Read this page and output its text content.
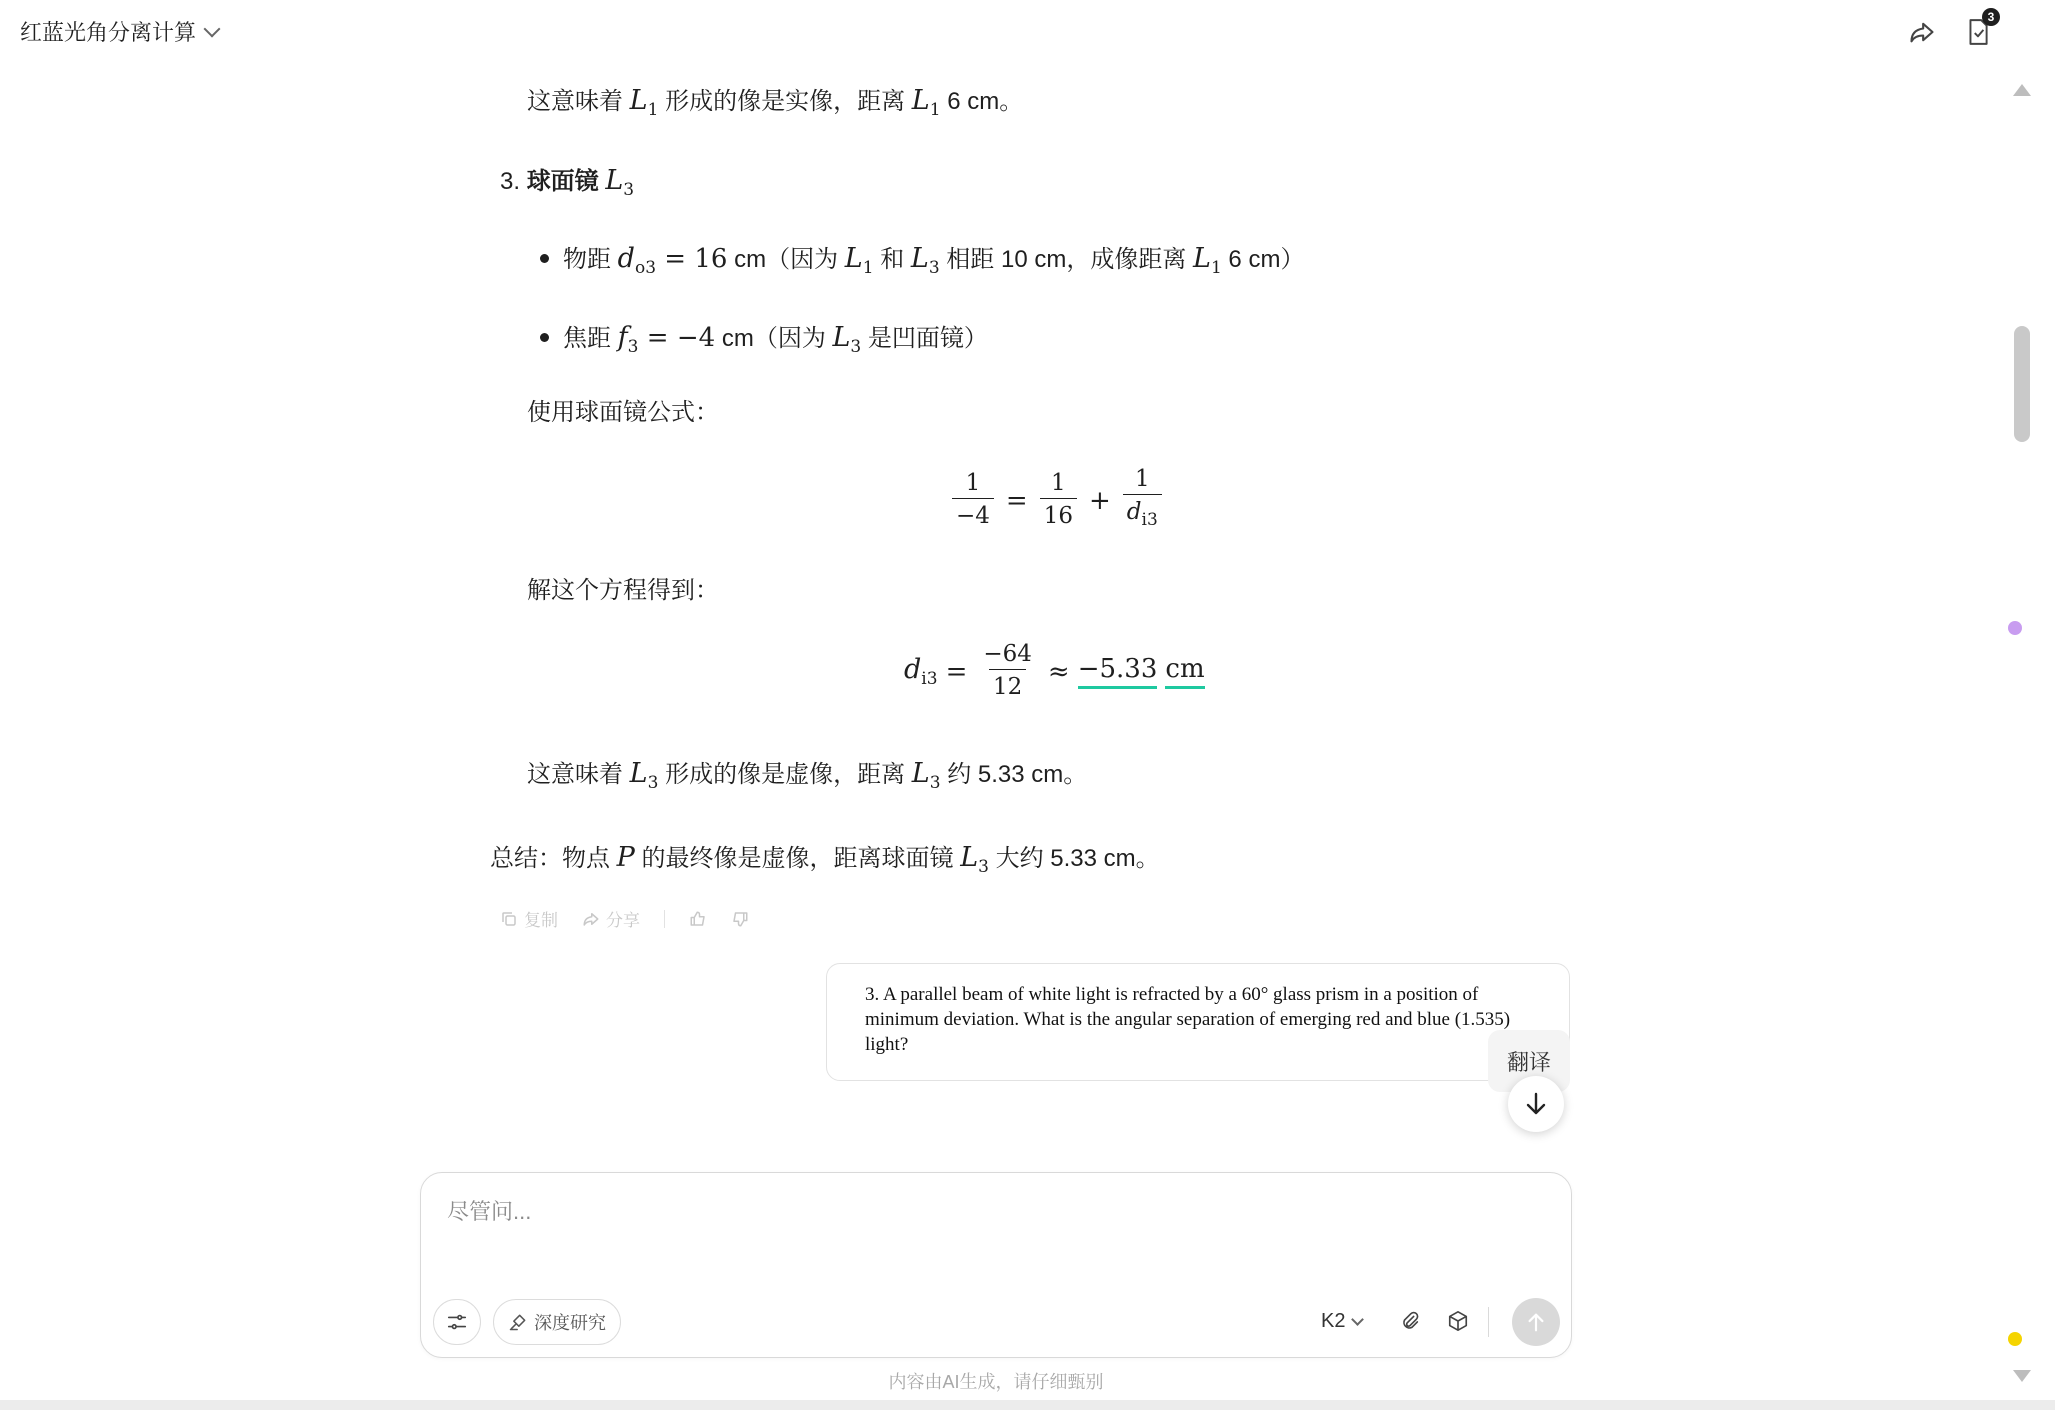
红蓝光角分离计算
3
这意味着 $L_1$ 形成的像是实像，距离 $L_1$ 6 cm。
3. 球面镜 $L_3$
物距 $d_{o3} = 16$ cm（因为 $L_1$ 和 $L_3$ 相距 10 cm，成像距离 $L_1$ 6 cm）
焦距 $f_3 = -4$ cm（因为 $L_3$ 是凹面镜）
使用球面镜公式：
$\frac{1}{-4} = \frac{1}{16} + \frac{1}{d_{i3}}$
解这个方程得到：
$d_{i3} = \frac{-64}{12} \approx -5.33$ cm
这意味着 $L_3$ 形成的像是虚像，距离 $L_3$ 约 5.33 cm。
总结：物点 P 的最终像是虚像，距离球面镜 $L_3$ 大约 5.33 cm。
复制	分享
3. A parallel beam of white light is refracted by a 60° glass prism in a position of minimum deviation. What is the angular separation of emerging red and blue (1.535) light?
翻译
尽管问...
深度研究	K2
内容由AI生成，请仔细甄别
